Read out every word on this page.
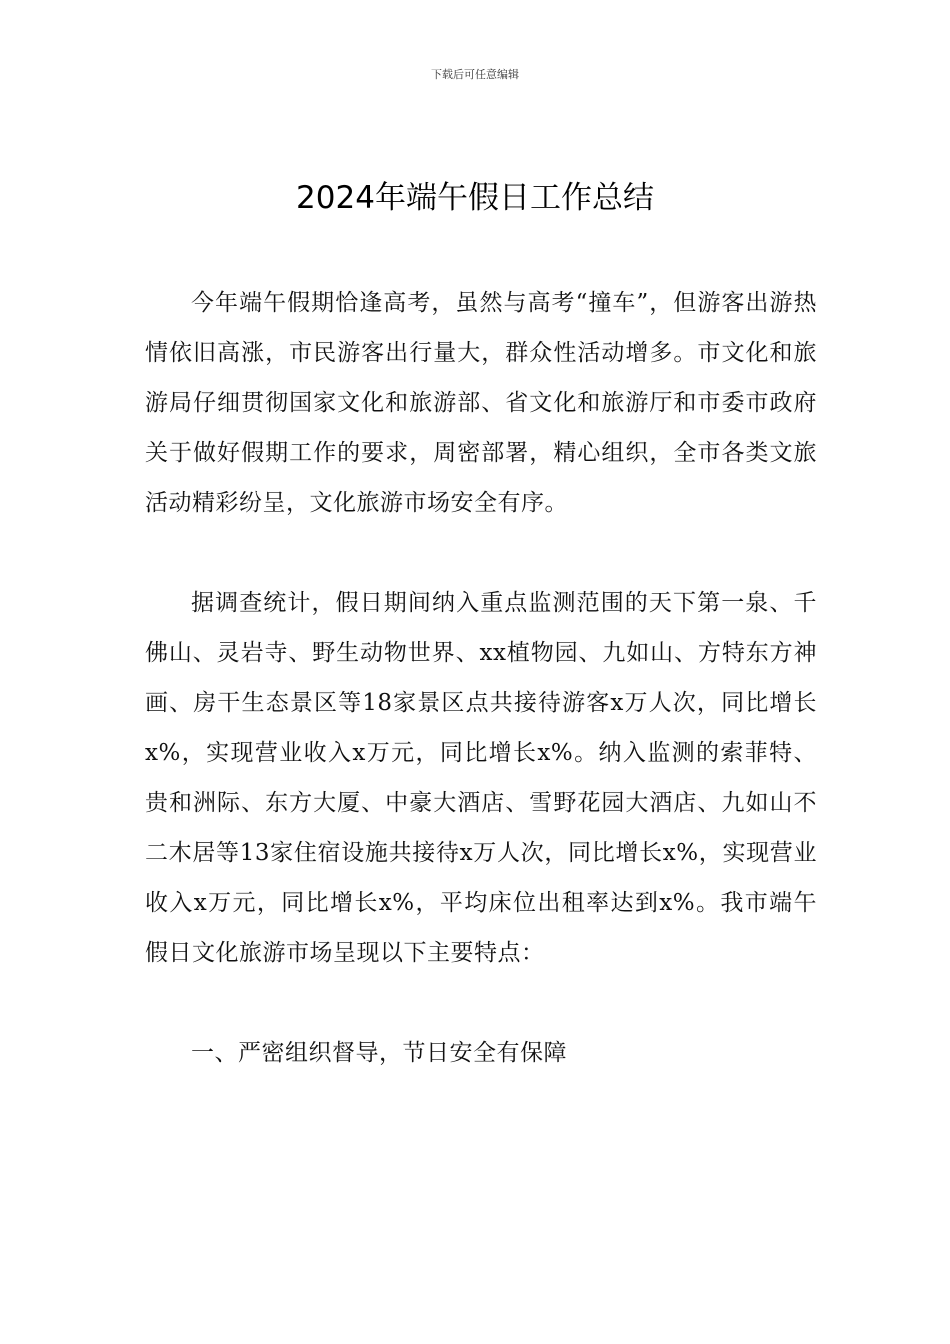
下载后可任意编辑
2024年端午假日工作总结

今年端午假期恰逢高考，虽然与高考“撞车”，但游客出游热情依旧高涨，市民游客出行量大，群众性活动增多。市文化和旅游局仔细贯彻国家文化和旅游部、省文化和旅游厅和市委市政府关于做好假期工作的要求，周密部署，精心组织，全市各类文旅活动精彩纷呈，文化旅游市场安全有序。

据调查统计，假日期间纳入重点监测范围的天下第一泉、千佛山、灵岩寺、野生动物世界、xx植物园、九如山、方特东方神画、房干生态景区等18家景区点共接待游客x万人次，同比增长x%，实现营业收入x万元，同比增长x%。纳入监测的索菲特、贵和洲际、东方大厦、中豪大酒店、雪野花园大酒店、九如山不二木居等13家住宿设施共接待x万人次，同比增长x%，实现营业收入x万元，同比增长x%，平均床位出租率达到x%。我市端午假日文化旅游市场呈现以下主要特点：

一、严密组织督导，节日安全有保障
